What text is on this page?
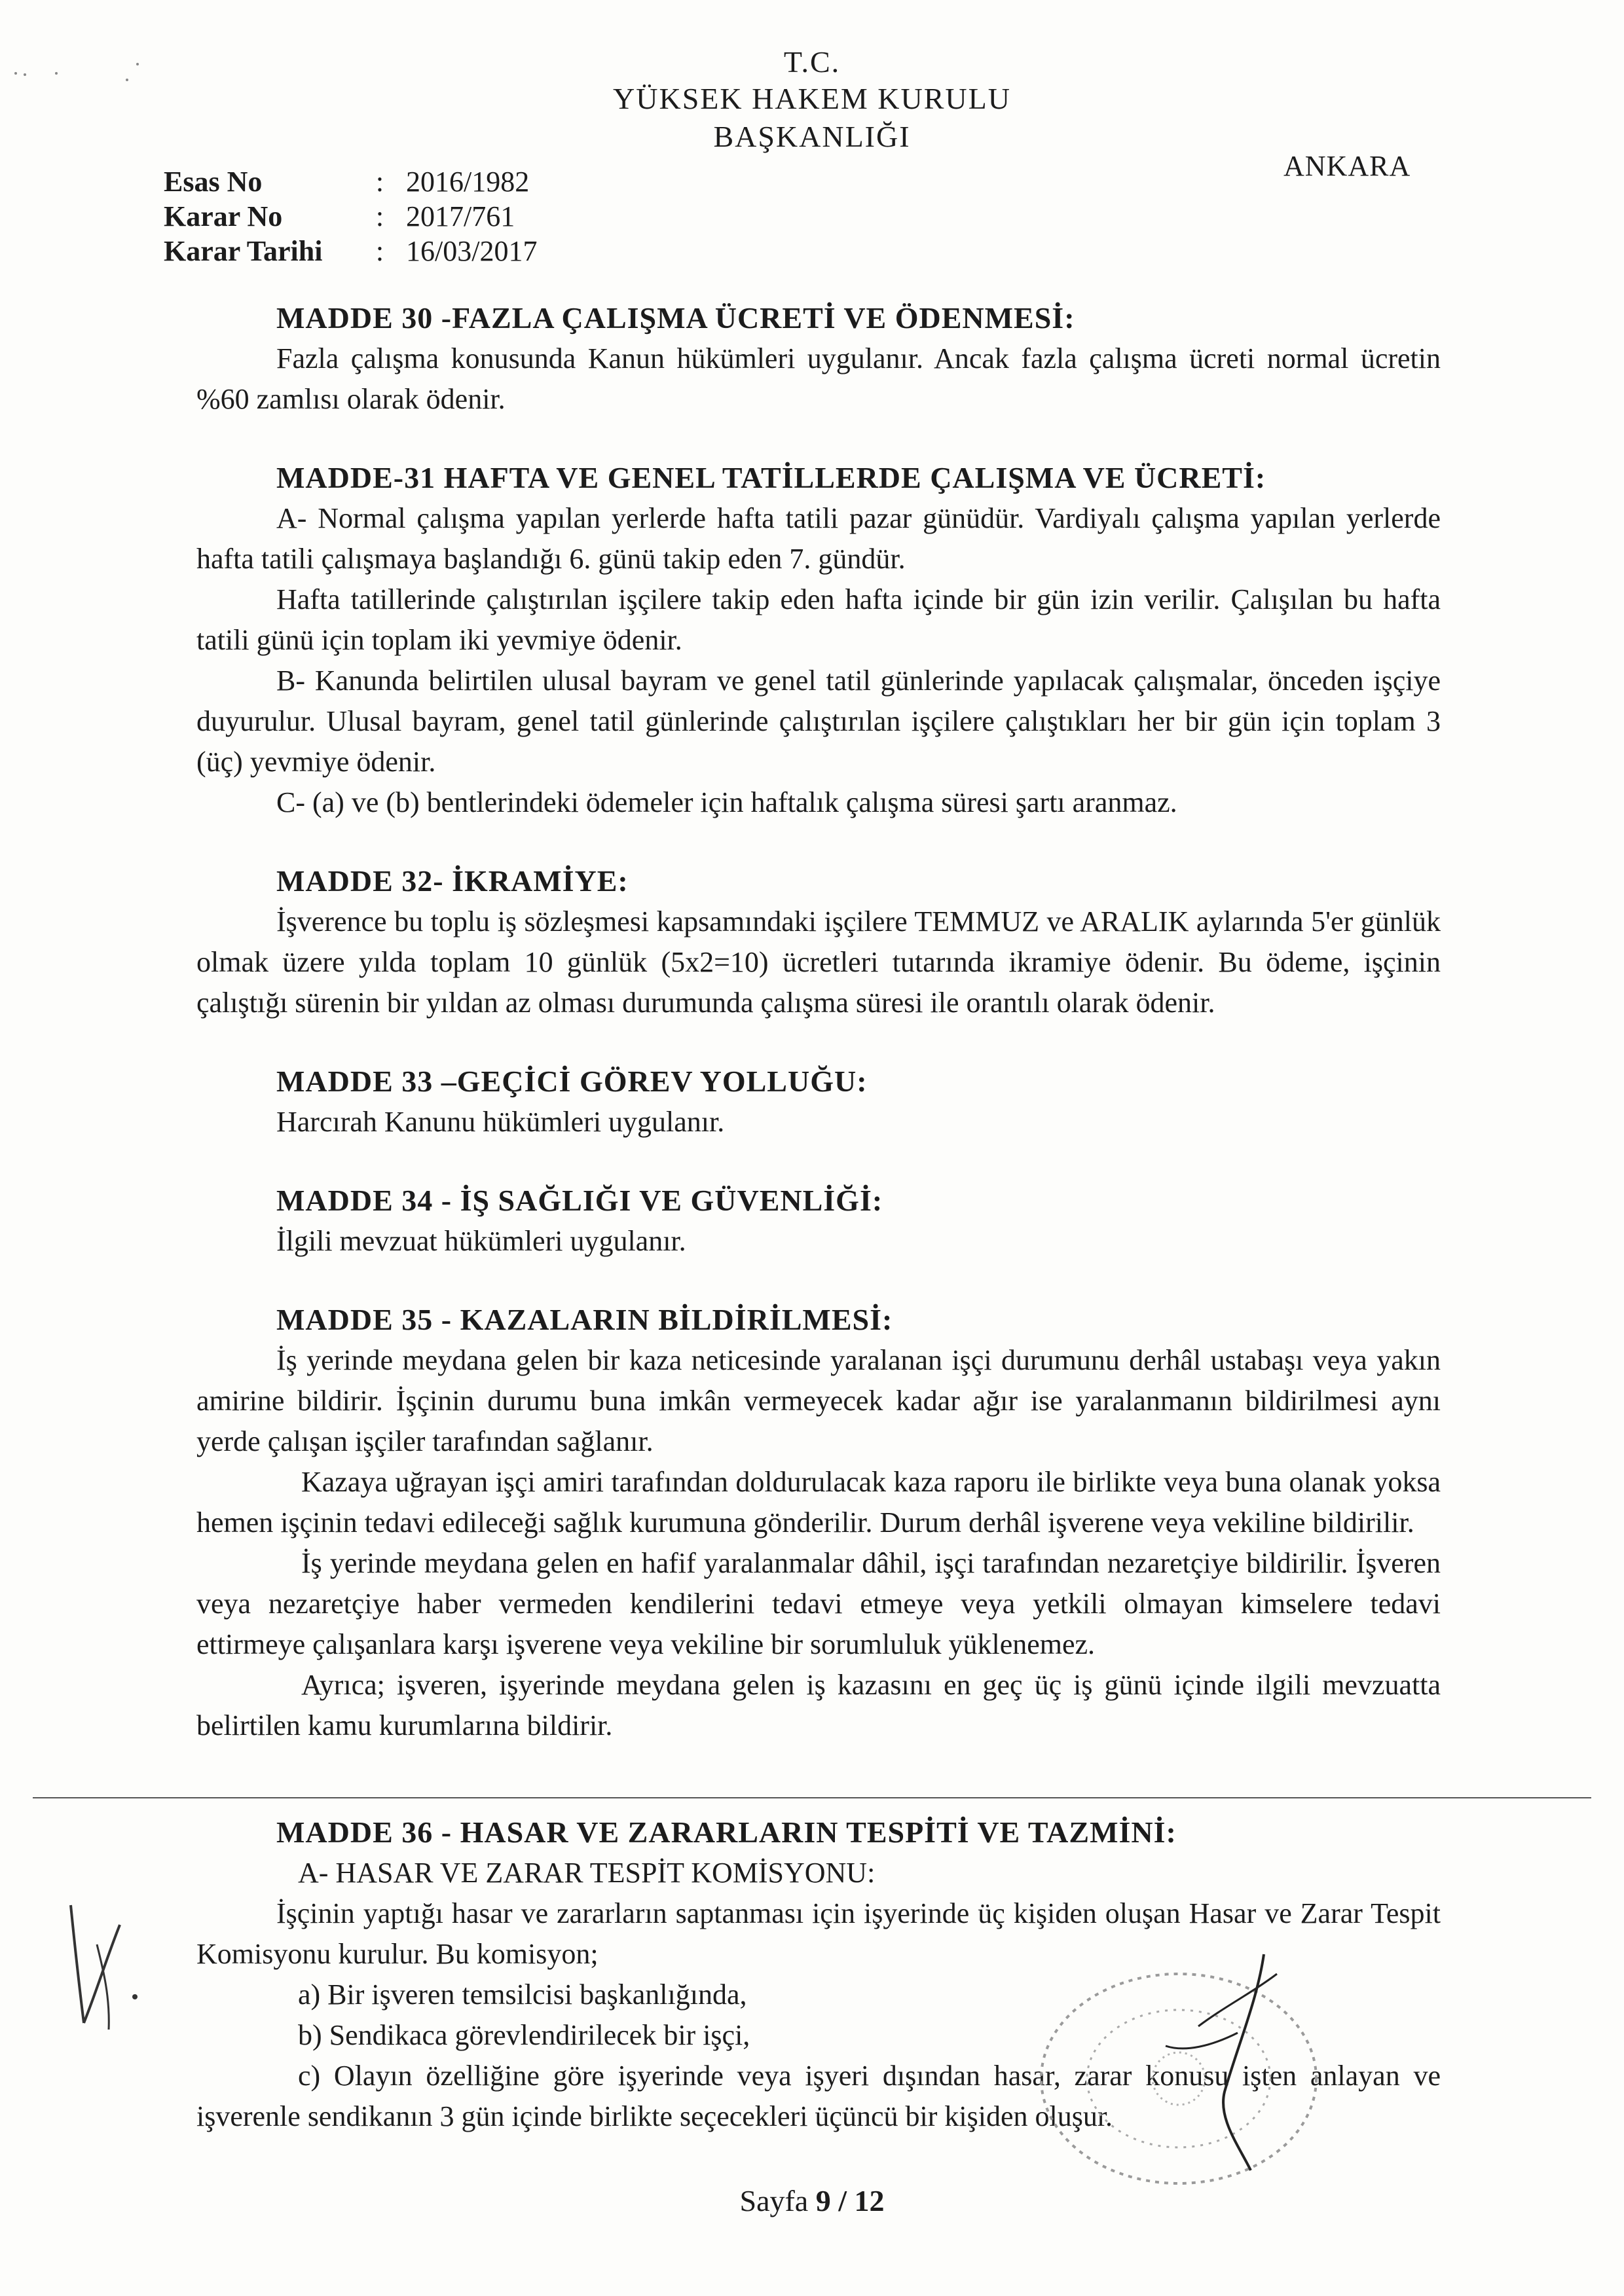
T.C.
YÜKSEK HAKEM KURULU
BAŞKANLIĞI
ANKARA
Esas No	: 2016/1982
Karar No	: 2017/761
Karar Tarihi : 16/03/2017
MADDE 30 -FAZLA ÇALIŞMA ÜCRETİ VE ÖDENMESİ:

Fazla çalışma konusunda Kanun hükümleri uygulanır. Ancak fazla çalışma ücreti normal ücretin %60 zamlısı olarak ödenir.

MADDE-31 HAFTA VE GENEL TATİLLERDE ÇALIŞMA VE ÜCRETİ:

A- Normal çalışma yapılan yerlerde hafta tatili pazar günüdür. Vardiyalı çalışma yapılan yerlerde hafta tatili çalışmaya başlandığı 6. günü takip eden 7. gündür.

Hafta tatillerinde çalıştırılan işçilere takip eden hafta içinde bir gün izin verilir. Çalışılan bu hafta tatili günü için toplam iki yevmiye ödenir.

B- Kanunda belirtilen ulusal bayram ve genel tatil günlerinde yapılacak çalışmalar, önceden işçiye duyurulur. Ulusal bayram, genel tatil günlerinde çalıştırılan işçilere çalıştıkları her bir gün için toplam 3 (üç) yevmiye ödenir.

C- (a) ve (b) bentlerindeki ödemeler için haftalık çalışma süresi şartı aranmaz.

MADDE 32- İKRAMİYE:

İşverence bu toplu iş sözleşmesi kapsamındaki işçilere TEMMUZ ve ARALIK aylarında 5'er günlük olmak üzere yılda toplam 10 günlük (5x2=10) ücretleri tutarında ikramiye ödenir. Bu ödeme, işçinin çalıştığı sürenin bir yıldan az olması durumunda çalışma süresi ile orantılı olarak ödenir.

MADDE 33 –GEÇİCİ GÖREV YOLLUĞU:

Harcırah Kanunu hükümleri uygulanır.

MADDE 34 - İŞ SAĞLIĞI VE GÜVENLİĞİ:

İlgili mevzuat hükümleri uygulanır.

MADDE 35 - KAZALARIN BİLDİRİLMESİ:

İş yerinde meydana gelen bir kaza neticesinde yaralanan işçi durumunu derhâl ustabaşı veya yakın amirine bildirir. İşçinin durumu buna imkân vermeyecek kadar ağır ise yaralanmanın bildirilmesi aynı yerde çalışan işçiler tarafından sağlanır.

Kazaya uğrayan işçi amiri tarafından doldurulacak kaza raporu ile birlikte veya buna olanak yoksa hemen işçinin tedavi edileceği sağlık kurumuna gönderilir. Durum derhâl işverene veya vekiline bildirilir.

İş yerinde meydana gelen en hafif yaralanmalar dâhil, işçi tarafından nezaretçiye bildirilir. İşveren veya nezaretçiye haber vermeden kendilerini tedavi etmeye veya yetkili olmayan kimselere tedavi ettirmeye çalışanlara karşı işverene veya vekiline bir sorumluluk yüklenemez.

Ayrıca; işveren, işyerinde meydana gelen iş kazasını en geç üç iş günü içinde ilgili mevzuatta belirtilen kamu kurumlarına bildirir.

MADDE 36 - HASAR VE ZARARLARIN TESPİTİ VE TAZMİNİ:

A- HASAR VE ZARAR TESPİT KOMİSYONU:

İşçinin yaptığı hasar ve zararların saptanması için işyerinde üç kişiden oluşan Hasar ve Zarar Tespit Komisyonu kurulur. Bu komisyon;

a) Bir işveren temsilcisi başkanlığında,

b) Sendikaca görevlendirilecek bir işçi,

c) Olayın özelliğine göre işyerinde veya işyeri dışından hasar, zarar konusu işten anlayan ve işverenle sendikanın 3 gün içinde birlikte seçecekleri üçüncü bir kişiden oluşur.

Sayfa 9 / 12
